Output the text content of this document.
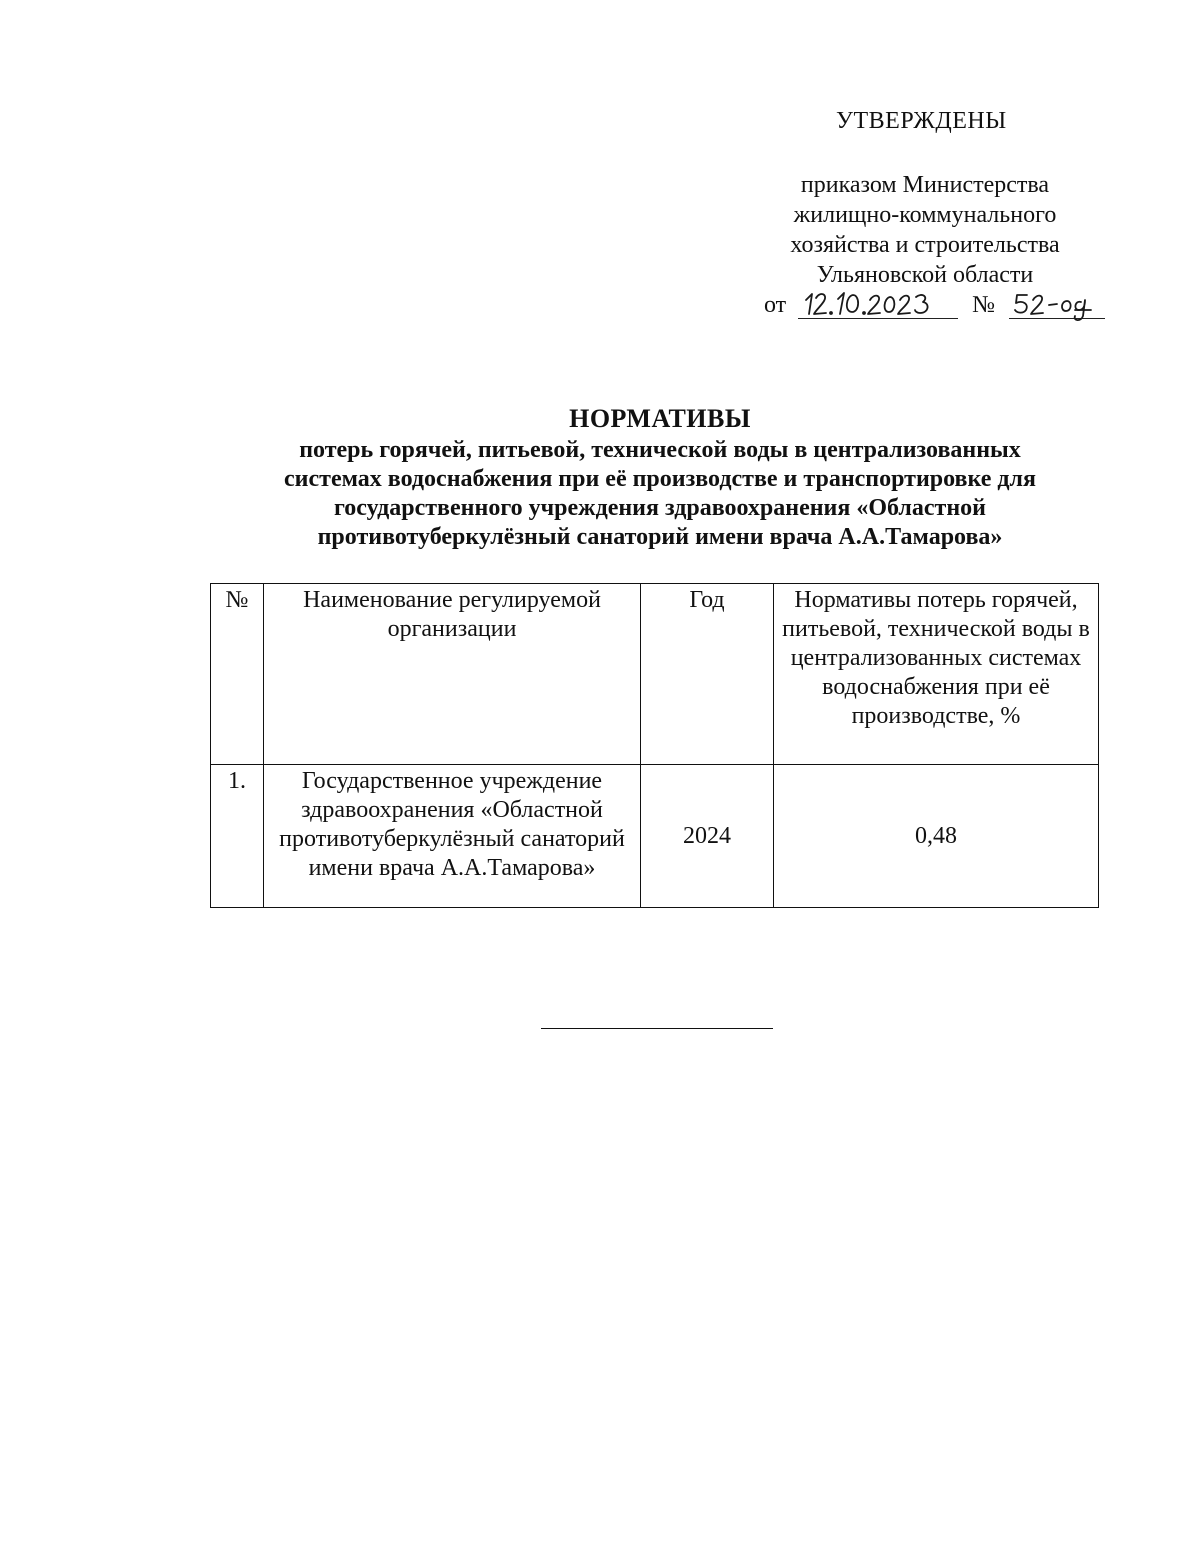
УТВЕРЖДЕНЫ
приказом Министерства
жилищно-коммунального
хозяйства и строительства
Ульяновской области
от	№
НОРМАТИВЫ
потерь горячей, питьевой, технической воды в централизованных
системах водоснабжения при её производстве и транспортировке для
государственного учреждения здравоохранения «Областной
противотуберкулёзный санаторий имени врача А.А.Тамарова»
№	Наименование регулируемой организации	Год	Нормативы потерь горячей, питьевой, технической воды в централизованных системах водоснабжения при её производстве, %
1.	Государственное учреждение здравоохранения «Областной противотуберкулёзный санаторий имени врача А.А.Тамарова»	2024	0,48
